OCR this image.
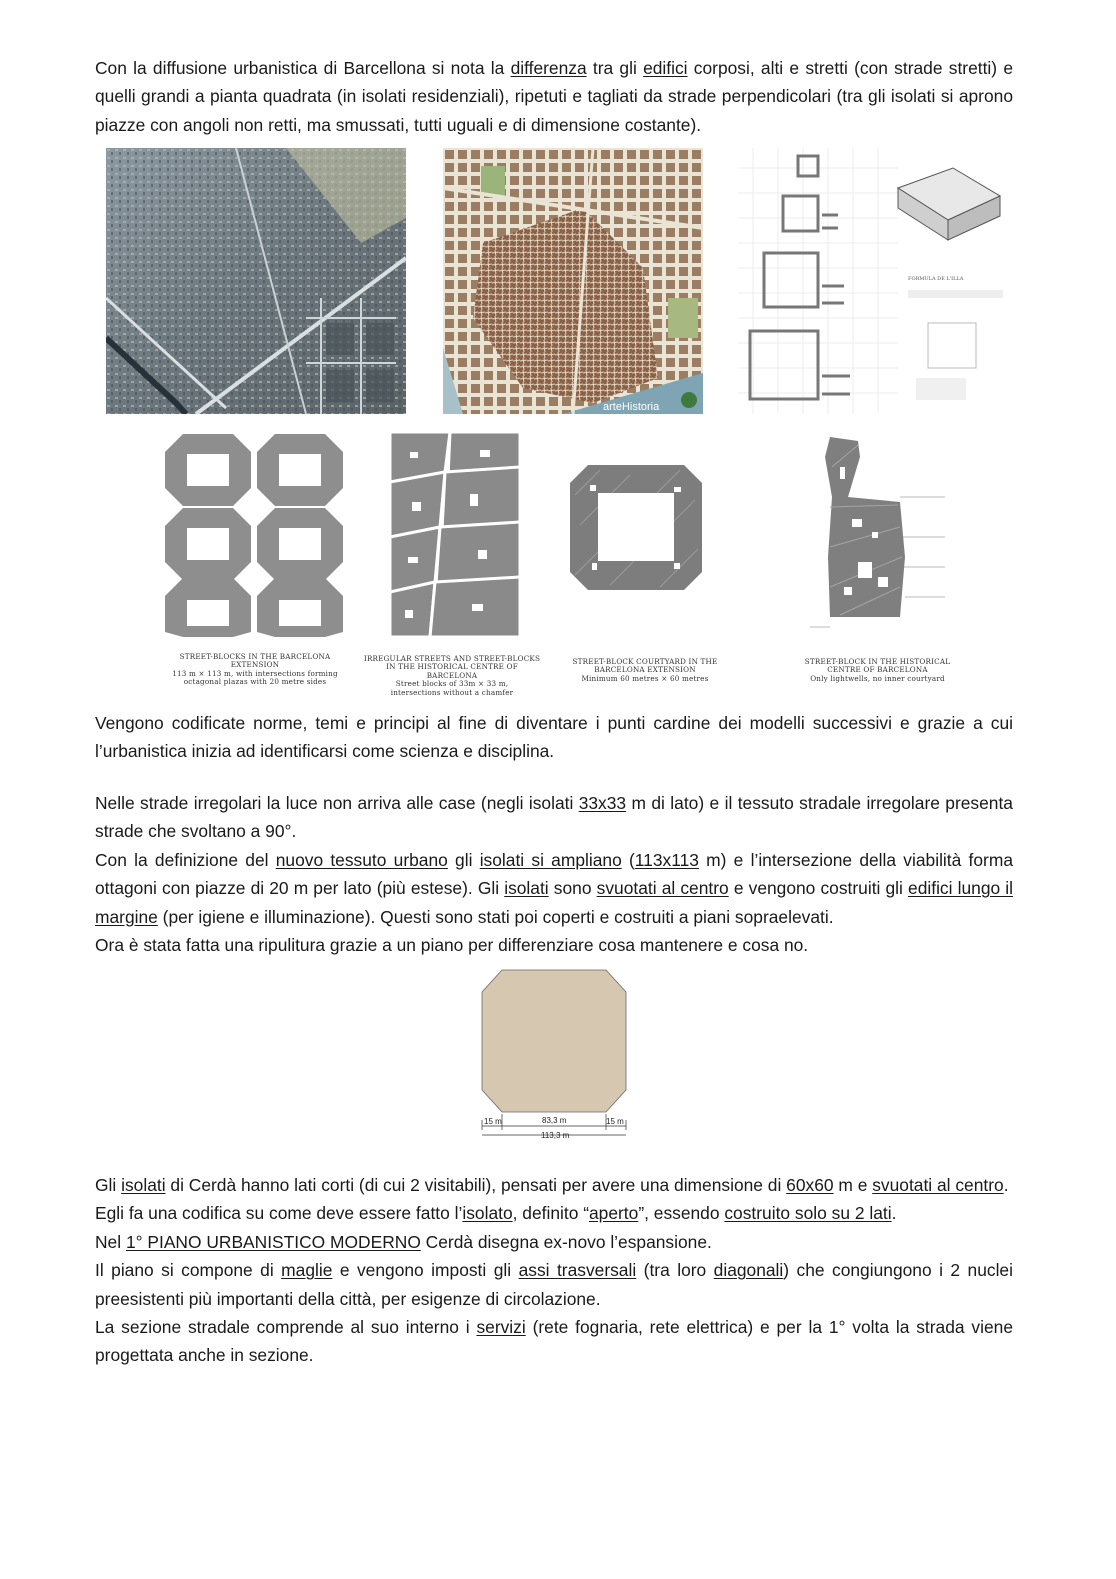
Con la diffusione urbanistica di Barcellona si nota la differenza tra gli edifici corposi, alti e stretti (con strade stretti) e quelli grandi a pianta quadrata (in isolati residenziali), ripetuti e tagliati da strade perpendicolari (tra gli isolati si aprono piazze con angoli non retti, ma smussati, tutti uguali e di dimensione costante).

arteHistoria
FORMULA DE L'ILLA
STREET-BLOCKS IN THE BARCELONA EXTENSION
113 m × 113 m, with intersections forming
octagonal plazas with 20 metre sides
IRREGULAR STREETS AND STREET-BLOCKS
IN THE HISTORICAL CENTRE OF BARCELONA
Street blocks of 33m × 33 m,
intersections without a chamfer
STREET-BLOCK COURTYARD IN THE
BARCELONA EXTENSION
Minimum 60 metres × 60 metres
STREET-BLOCK IN THE HISTORICAL
CENTRE OF BARCELONA
Only lightwells, no inner courtyard

Vengono codificate norme, temi e principi al fine di diventare i punti cardine dei modelli successivi e grazie a cui l’urbanistica inizia ad identificarsi come scienza e disciplina.

Nelle strade irregolari la luce non arriva alle case (negli isolati 33x33 m di lato) e il tessuto stradale irregolare presenta strade che svoltano a 90°.
Con la definizione del nuovo tessuto urbano gli isolati si ampliano (113x113 m) e l’intersezione della viabilità forma ottagoni con piazze di 20 m per lato (più estese). Gli isolati sono svuotati al centro e vengono costruiti gli edifici lungo il margine (per igiene e illuminazione). Questi sono stati poi coperti e costruiti a piani sopraelevati.
Ora è stata fatta una ripulitura grazie a un piano per differenziare cosa mantenere e cosa no.

15 m	83,3 m	15 m
113,3 m

Gli isolati di Cerdà hanno lati corti (di cui 2 visitabili), pensati per avere una dimensione di 60x60 m e svuotati al centro.
Egli fa una codifica su come deve essere fatto l’isolato, definito “aperto”, essendo costruito solo su 2 lati.
Nel 1° PIANO URBANISTICO MODERNO Cerdà disegna ex-novo l’espansione.
Il piano si compone di maglie e vengono imposti gli assi trasversali (tra loro diagonali) che congiungono i 2 nuclei preesistenti più importanti della città, per esigenze di circolazione.
La sezione stradale comprende al suo interno i servizi (rete fognaria, rete elettrica) e per la 1° volta la strada viene progettata anche in sezione.
